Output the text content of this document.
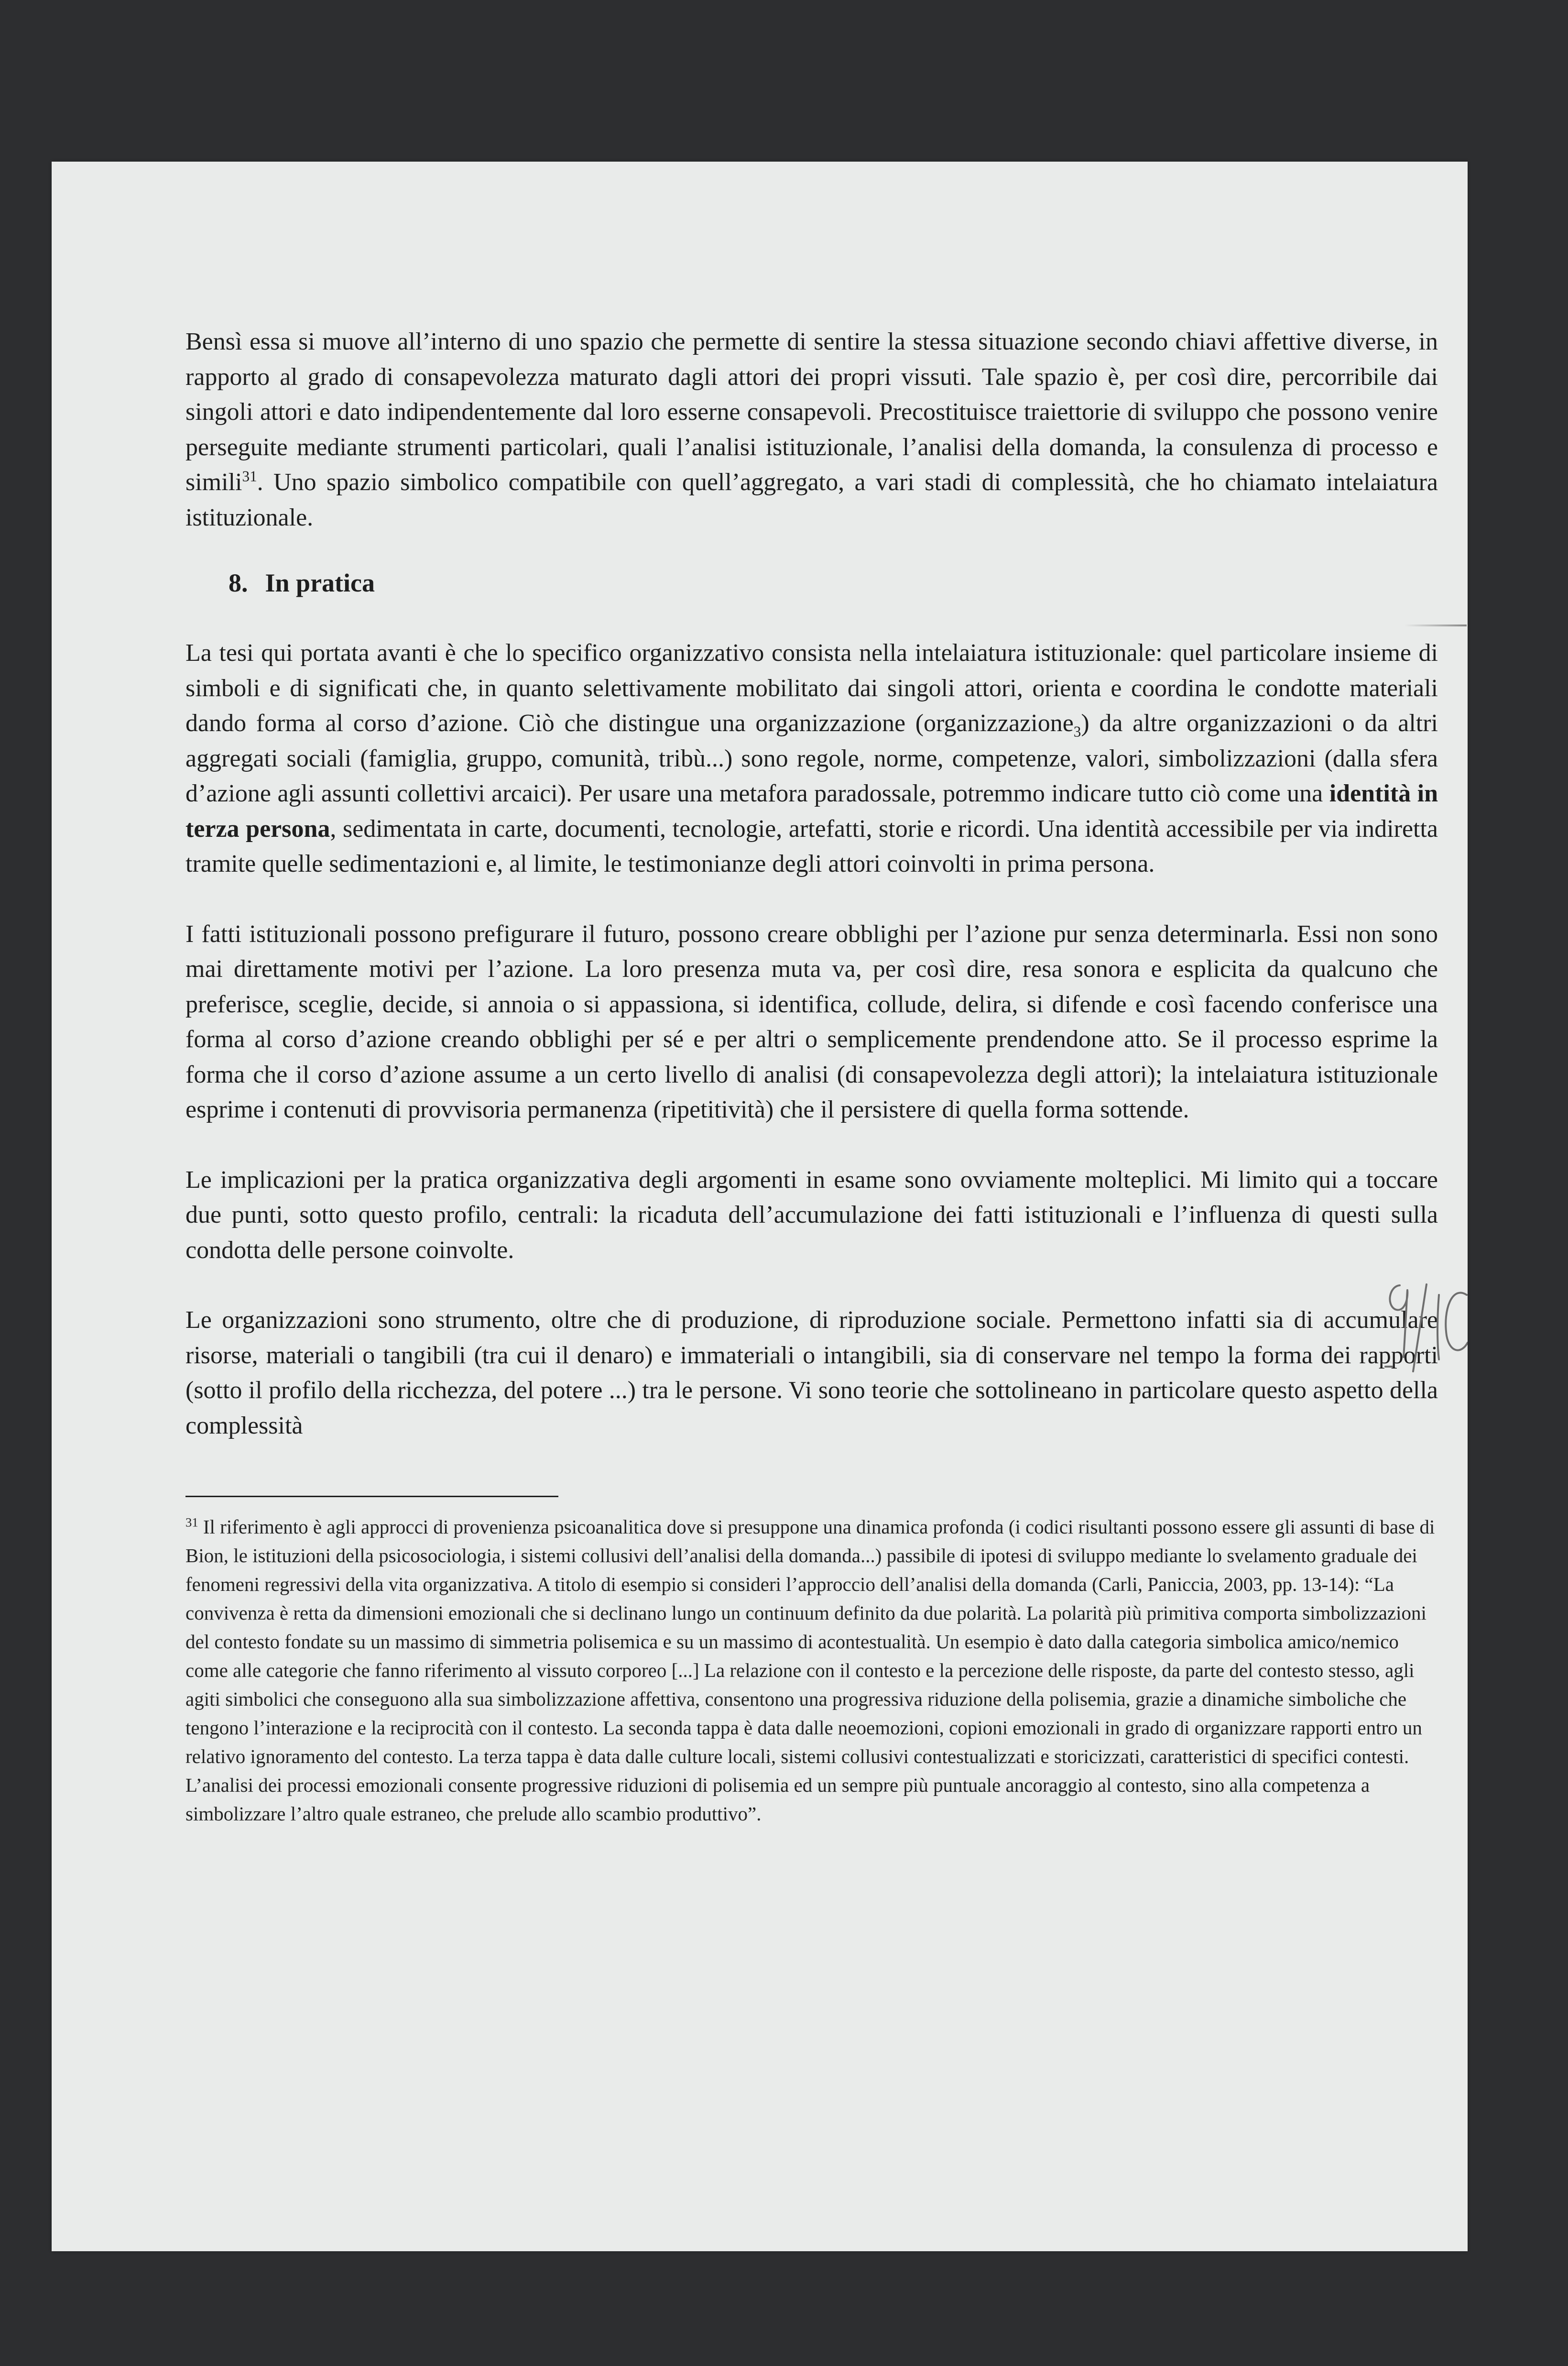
Bensì essa si muove all’interno di uno spazio che permette di sentire la stessa situazione secondo chiavi affettive diverse, in rapporto al grado di consapevolezza maturato dagli attori dei propri vissuti. Tale spazio è, per così dire, percorribile dai singoli attori e dato indipendentemente dal loro esserne consapevoli. Precostituisce traiettorie di sviluppo che possono venire perseguite mediante strumenti particolari, quali l’analisi istituzionale, l’analisi della domanda, la consulenza di processo e simili$^{31}$. Uno spazio simbolico compatibile con quell’aggregato, a vari stadi di complessità, che ho chiamato intelaiatura istituzionale.

8. In pratica

La tesi qui portata avanti è che lo specifico organizzativo consista nella intelaiatura istituzionale: quel particolare insieme di simboli e di significati che, in quanto selettivamente mobilitato dai singoli attori, orienta e coordina le condotte materiali dando forma al corso d’azione. Ciò che distingue una organizzazione (organizzazione$_3$) da altre organizzazioni o da altri aggregati sociali (famiglia, gruppo, comunità, tribù...) sono regole, norme, competenze, valori, simbolizzazioni (dalla sfera d’azione agli assunti collettivi arcaici). Per usare una metafora paradossale, potremmo indicare tutto ciò come una identità in terza persona, sedimentata in carte, documenti, tecnologie, artefatti, storie e ricordi. Una identità accessibile per via indiretta tramite quelle sedimentazioni e, al limite, le testimonianze degli attori coinvolti in prima persona.

I fatti istituzionali possono prefigurare il futuro, possono creare obblighi per l’azione pur senza determinarla. Essi non sono mai direttamente motivi per l’azione. La loro presenza muta va, per così dire, resa sonora e esplicita da qualcuno che preferisce, sceglie, decide, si annoia o si appassiona, si identifica, collude, delira, si difende e così facendo conferisce una forma al corso d’azione creando obblighi per sé e per altri o semplicemente prendendone atto. Se il processo esprime la forma che il corso d’azione assume a un certo livello di analisi (di consapevolezza degli attori); la intelaiatura istituzionale esprime i contenuti di provvisoria permanenza (ripetitività) che il persistere di quella forma sottende.

Le implicazioni per la pratica organizzativa degli argomenti in esame sono ovviamente molteplici. Mi limito qui a toccare due punti, sotto questo profilo, centrali: la ricaduta dell’accumulazione dei fatti istituzionali e l’influenza di questi sulla condotta delle persone coinvolte.

Le organizzazioni sono strumento, oltre che di produzione, di riproduzione sociale. Permettono infatti sia di accumulare risorse, materiali o tangibili (tra cui il denaro) e immateriali o intangibili, sia di conservare nel tempo la forma dei rapporti (sotto il profilo della ricchezza, del potere ...) tra le persone. Vi sono teorie che sottolineano in particolare questo aspetto della complessità

$^{31}$ Il riferimento è agli approcci di provenienza psicoanalitica dove si presuppone una dinamica profonda (i codici risultanti possono essere gli assunti di base di Bion, le istituzioni della psicosociologia, i sistemi collusivi dell’analisi della domanda...) passibile di ipotesi di sviluppo mediante lo svelamento graduale dei fenomeni regressivi della vita organizzativa. A titolo di esempio si consideri l’approccio dell’analisi della domanda (Carli, Paniccia, 2003, pp. 13-14): “La convivenza è retta da dimensioni emozionali che si declinano lungo un continuum definito da due polarità. La polarità più primitiva comporta simbolizzazioni del contesto fondate su un massimo di simmetria polisemica e su un massimo di acontestualità. Un esempio è dato dalla categoria simbolica amico/nemico come alle categorie che fanno riferimento al vissuto corporeo [...] La relazione con il contesto e la percezione delle risposte, da parte del contesto stesso, agli agiti simbolici che conseguono alla sua simbolizzazione affettiva, consentono una progressiva riduzione della polisemia, grazie a dinamiche simboliche che tengono l’interazione e la reciprocità con il contesto. La seconda tappa è data dalle neoemozioni, copioni emozionali in grado di organizzare rapporti entro un relativo ignoramento del contesto. La terza tappa è data dalle culture locali, sistemi collusivi contestualizzati e storicizzati, caratteristici di specifici contesti. L’analisi dei processi emozionali consente progressive riduzioni di polisemia ed un sempre più puntuale ancoraggio al contesto, sino alla competenza a simbolizzare l’altro quale estraneo, che prelude allo scambio produttivo”.
